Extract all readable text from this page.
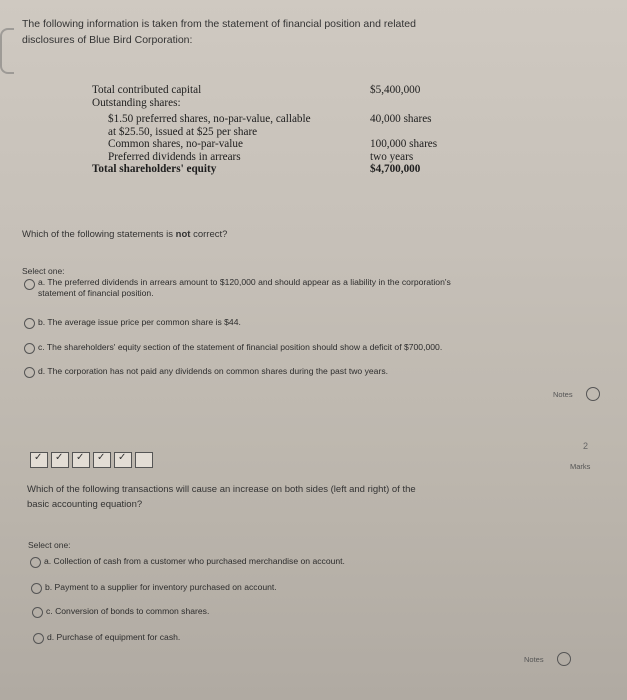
The following information is taken from the statement of financial position and related
disclosures of Blue Bird Corporation:
Total contributed capital	$5,400,000
Outstanding shares:
$1.50 preferred shares, no-par-value, callable	40,000 shares
at $25.50, issued at $25 per share
Common shares, no-par-value	100,000 shares
Preferred dividends in arrears	two years
Total shareholders' equity	$4,700,000
Which of the following statements is not correct?
Select one:
a. The preferred dividends in arrears amount to $120,000 and should appear as a liability in the corporation's
statement of financial position.
b. The average issue price per common share is $44.
c. The shareholders' equity section of the statement of financial position should show a deficit of $700,000.
d. The corporation has not paid any dividends on common shares during the past two years.
Notes
✓ ✓ ✓ ✓ ✓
2
Marks
Which of the following transactions will cause an increase on both sides (left and right) of the
basic accounting equation?
Select one:
a. Collection of cash from a customer who purchased merchandise on account.
b. Payment to a supplier for inventory purchased on account.
c. Conversion of bonds to common shares.
d. Purchase of equipment for cash.
Notes
